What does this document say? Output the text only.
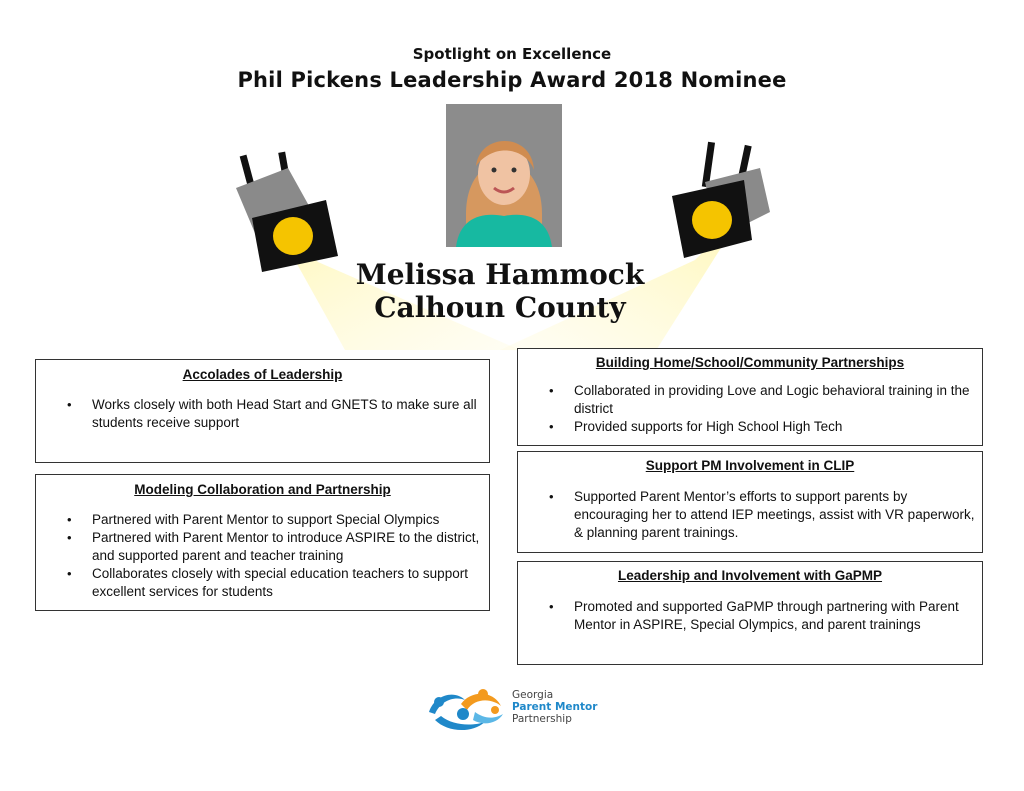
Spotlight on Excellence
Phil Pickens Leadership Award 2018 Nominee
Melissa Hammock
Calhoun County
Accolades of Leadership
• Works closely with both Head Start and GNETS to make sure all students receive support
Modeling Collaboration and Partnership
• Partnered with Parent Mentor to support Special Olympics
• Partnered with Parent Mentor to introduce ASPIRE to the district, and supported parent and teacher training
• Collaborates closely with special education teachers to support excellent services for students
Building Home/School/Community Partnerships
• Collaborated in providing Love and Logic behavioral training in the district
• Provided supports for High School High Tech
Support PM Involvement in CLIP
• Supported Parent Mentor’s efforts to support parents by encouraging her to attend IEP meetings, assist with VR paperwork, & planning parent trainings.
Leadership and Involvement with GaPMP
• Promoted and supported GaPMP through partnering with Parent Mentor in ASPIRE, Special Olympics, and parent trainings
Georgia
Parent Mentor
Partnership
